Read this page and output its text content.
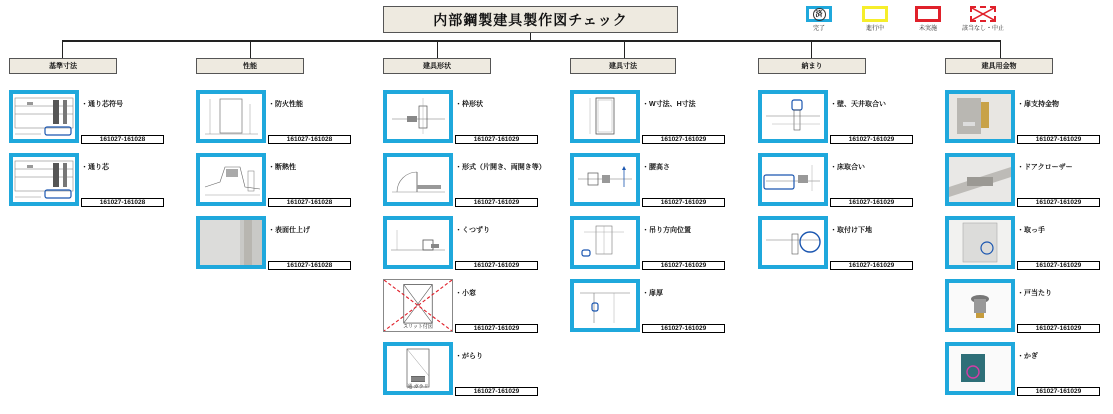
内部鋼製建具製作図チェック	済
完了	進行中	未実施	該当なし・中止
基準寸法
・通り芯符号
161027-161028
・通り芯
161027-161028
性能
・防火性能
161027-161028
・断熱性
161027-161028
・表面仕上げ
161027-161028
建具形状
・枠形状
161027-161029
・形式（片開き、両開き等）
161027-161029
・くつずり
161027-161029
スリット付図
・小窓
161027-161029
通 ガラリ
・がらり
161027-161029
建具寸法
・W寸法、H寸法
161027-161029
・腰高さ
161027-161029
・吊り方向位置
161027-161029
・扉厚
161027-161029
納まり
・壁、天井取合い
161027-161029
・床取合い
161027-161029
・取付け下地
161027-161029
建具用金物
・扉支持金物
161027-161029
・ドアクローザー
161027-161029
・取っ手
161027-161029
・戸当たり
161027-161029
・かぎ
161027-161029
